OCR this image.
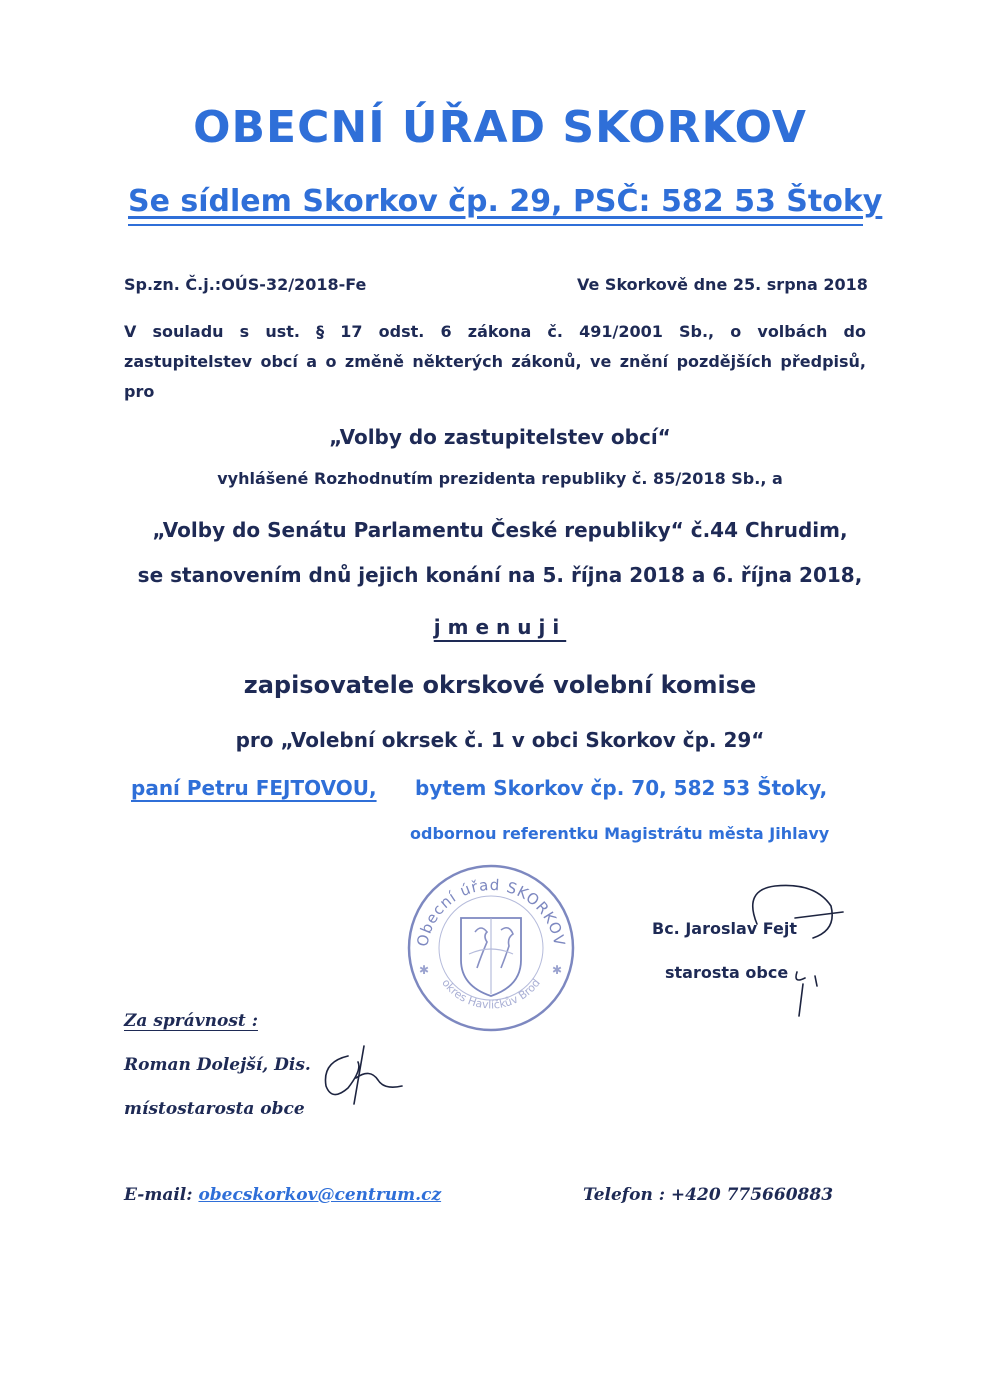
OBECNÍ ÚŘAD SKORKOV
Se sídlem Skorkov čp. 29, PSČ: 582 53 Štoky
Sp.zn. Č.j.:OÚS-32/2018-Fe	Ve Skorkově dne 25. srpna 2018
V souladu s ust. § 17 odst. 6 zákona č. 491/2001 Sb., o volbách do
zastupitelstev obcí a o změně některých zákonů, ve znění pozdějších předpisů,
pro
„Volby do zastupitelstev obcí“
vyhlášené Rozhodnutím prezidenta republiky č. 85/2018 Sb., a
„Volby do Senátu Parlamentu České republiky“ č.44 Chrudim,
se stanovením dnů jejich konání na 5. října 2018 a 6. října 2018,
jmenuji
zapisovatele okrskové volební komise
pro „Volební okrsek č. 1 v obci Skorkov čp. 29“
paní Petru FEJTOVOU, bytem Skorkov čp. 70, 582 53 Štoky,
odbornou referentku Magistrátu města Jihlavy
Obecní úřad SKORKOV
okres Havlíčkův Brod
✱	✱
Bc. Jaroslav Fejt
starosta obce
Za správnost :
Roman Dolejší, Dis.
místostarosta obce
E-mail: obecskorkov@centrum.cz	Telefon : +420 775660883
